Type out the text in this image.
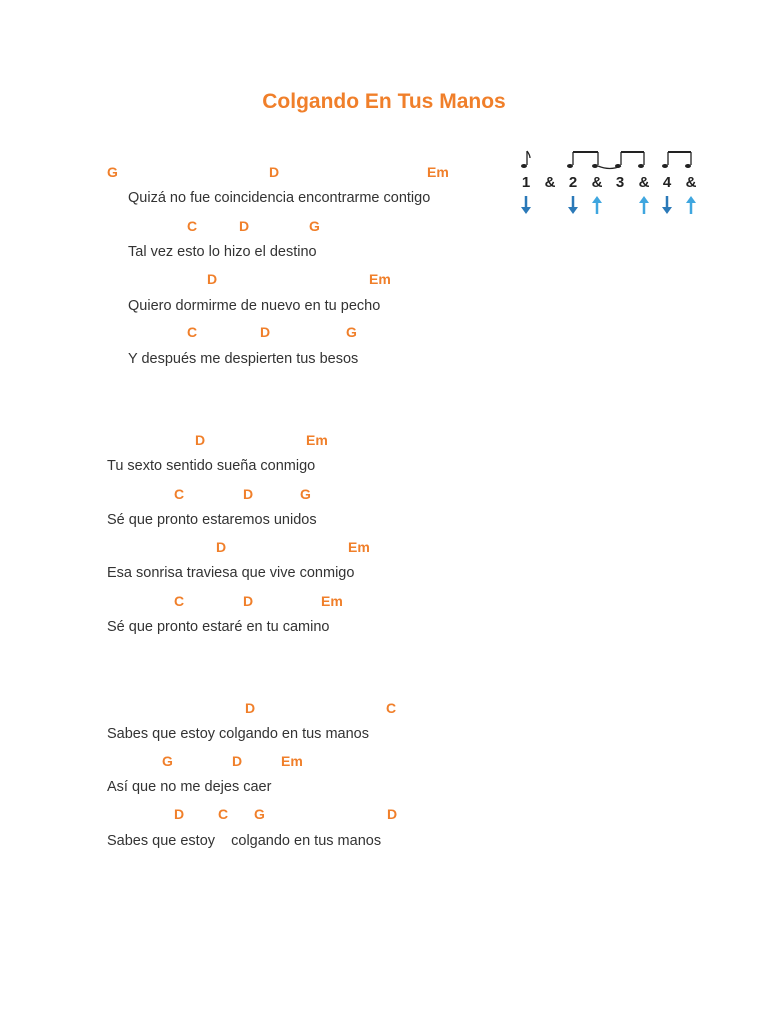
Colgando En Tus Manos
1 & 2 & 3 & 4 &
G	D	Em
Quizá no fue coincidencia encontrarme contigo
C	D	G
Tal vez esto lo hizo el destino
D	Em
Quiero dormirme de nuevo en tu pecho
C	D	G
Y después me despierten tus besos
D	Em
Tu sexto sentido sueña conmigo
C	D	G
Sé que pronto estaremos unidos
D	Em
Esa sonrisa traviesa que vive conmigo
C	D	Em
Sé que pronto estaré en tu camino
D	C
Sabes que estoy colgando en tus manos
G	D	Em
Así que no me dejes caer
D C G	D
Sabes que estoy    colgando en tus manos
